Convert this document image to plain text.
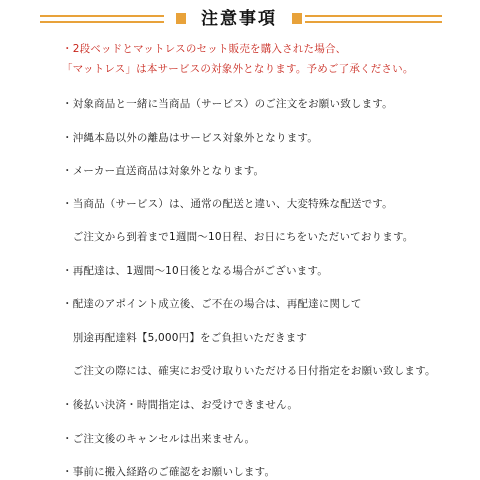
注意事項
・2段ベッドとマットレスのセット販売を購入された場合、
「マットレス」は本サービスの対象外となります。予めご了承ください。
・対象商品と一緒に当商品（サービス）のご注文をお願い致します。
・沖縄本島以外の離島はサービス対象外となります。
・メーカー直送商品は対象外となります。
・当商品（サービス）は、通常の配送と違い、大変特殊な配送です。
　ご注文から到着まで1週間〜10日程、お日にちをいただいております。
・再配達は、1週間〜10日後となる場合がございます。
・配達のアポイント成立後、ご不在の場合は、再配達に関して
　別途再配達料【5,000円】をご負担いただきます
　ご注文の際には、確実にお受け取りいただける日付指定をお願い致します。
・後払い決済・時間指定は、お受けできません。
・ご注文後のキャンセルは出来ません。
・事前に搬入経路のご確認をお願いします。
